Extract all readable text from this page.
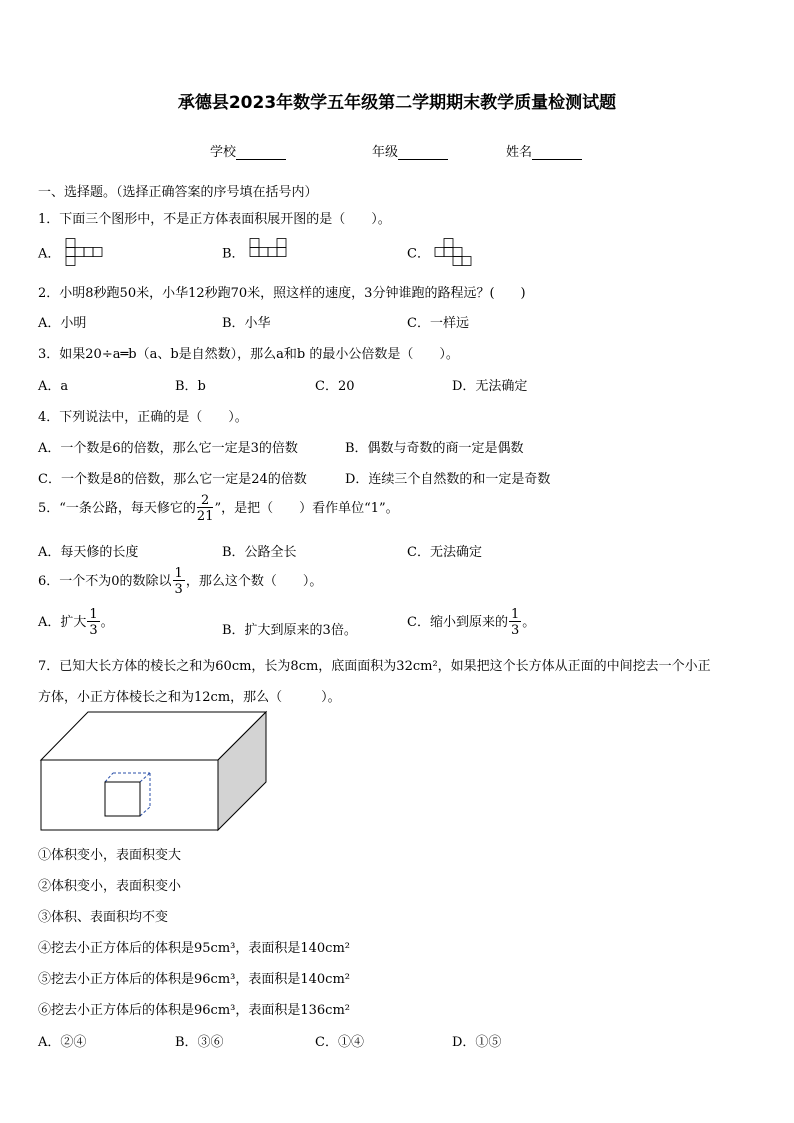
承德县2023年数学五年级第二学期期末教学质量检测试题
学校	年级	姓名
一、选择题。（选择正确答案的序号填在括号内）
1．下面三个图形中，不是正方体表面积展开图的是（　　）。
A．	B．	C．
2．小明8秒跑50米，小华12秒跑70米，照这样的速度，3分钟谁跑的路程远？(　　)
A．小明	B．小华	C．一样远
3．如果20÷a═b（a、b是自然数），那么a和b 的最小公倍数是（　　）。
A．a	B．b	C．20	D．无法确定
4．下列说法中，正确的是（　　）。
A．一个数是6的倍数，那么它一定是3的倍数	B．偶数与奇数的商一定是偶数
C．一个数是8的倍数，那么它一定是24的倍数	D．连续三个自然数的和一定是奇数
5．“一条公路，每天修它的 $\frac{2}{21}$ ”，是把（　　）看作单位“1”。
A．每天修的长度	B．公路全长	C．无法确定
6．一个不为0的数除以 $\frac{1}{3}$ ，那么这个数（　　）。
A．扩大 $\frac{1}{3}$ 。
B．扩大到原来的3倍。
C．缩小到原来的 $\frac{1}{3}$ 。
7．已知大长方体的棱长之和为60cm，长为8cm，底面面积为32cm²，如果把这个长方体从正面的中间挖去一个小正
方体，小正方体棱长之和为12cm，那么（　　　）。
①体积变小，表面积变大
②体积变小，表面积变小
③体积、表面积均不变
④挖去小正方体后的体积是95cm³，表面积是140cm²
⑤挖去小正方体后的体积是96cm³，表面积是140cm²
⑥挖去小正方体后的体积是96cm³，表面积是136cm²
A．②④	B．③⑥	C．①④	D．①⑤
